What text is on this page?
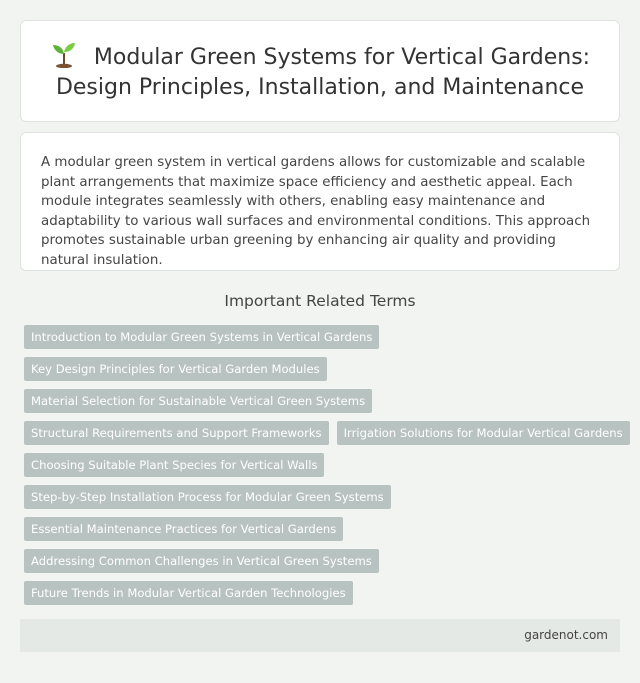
Modular Green Systems for Vertical Gardens: Design Principles, Installation, and Maintenance

A modular green system in vertical gardens allows for customizable and scalable plant arrangements that maximize space efficiency and aesthetic appeal. Each module integrates seamlessly with others, enabling easy maintenance and adaptability to various wall surfaces and environmental conditions. This approach promotes sustainable urban greening by enhancing air quality and providing natural insulation.

Important Related Terms
Introduction to Modular Green Systems in Vertical Gardens
Key Design Principles for Vertical Garden Modules
Material Selection for Sustainable Vertical Green Systems
Structural Requirements and Support Frameworks	Irrigation Solutions for Modular Vertical Gardens
Choosing Suitable Plant Species for Vertical Walls
Step-by-Step Installation Process for Modular Green Systems
Essential Maintenance Practices for Vertical Gardens
Addressing Common Challenges in Vertical Green Systems
Future Trends in Modular Vertical Garden Technologies
gardenot.com
